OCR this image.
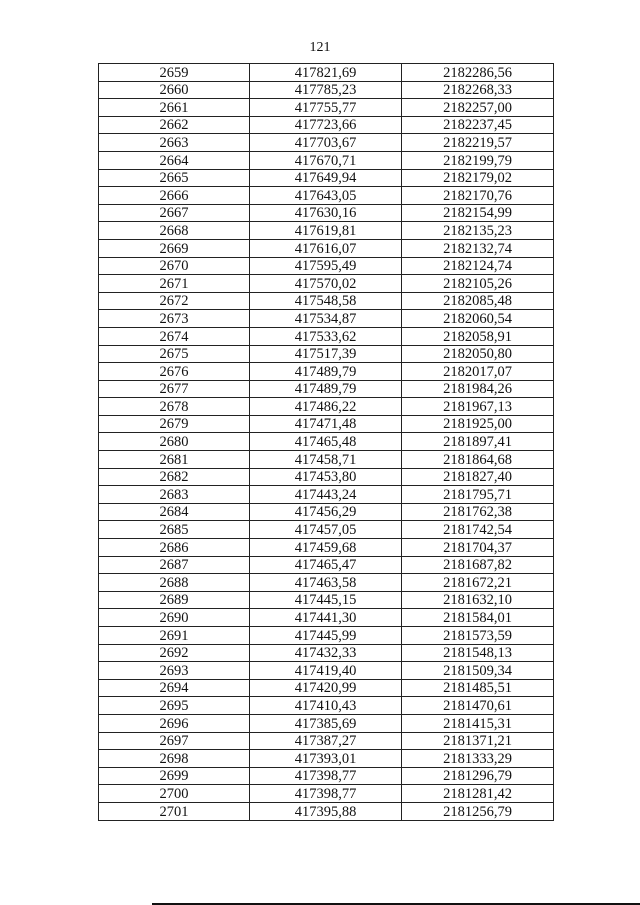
121
2659	417821,69	2182286,56
2660	417785,23	2182268,33
2661	417755,77	2182257,00
2662	417723,66	2182237,45
2663	417703,67	2182219,57
2664	417670,71	2182199,79
2665	417649,94	2182179,02
2666	417643,05	2182170,76
2667	417630,16	2182154,99
2668	417619,81	2182135,23
2669	417616,07	2182132,74
2670	417595,49	2182124,74
2671	417570,02	2182105,26
2672	417548,58	2182085,48
2673	417534,87	2182060,54
2674	417533,62	2182058,91
2675	417517,39	2182050,80
2676	417489,79	2182017,07
2677	417489,79	2181984,26
2678	417486,22	2181967,13
2679	417471,48	2181925,00
2680	417465,48	2181897,41
2681	417458,71	2181864,68
2682	417453,80	2181827,40
2683	417443,24	2181795,71
2684	417456,29	2181762,38
2685	417457,05	2181742,54
2686	417459,68	2181704,37
2687	417465,47	2181687,82
2688	417463,58	2181672,21
2689	417445,15	2181632,10
2690	417441,30	2181584,01
2691	417445,99	2181573,59
2692	417432,33	2181548,13
2693	417419,40	2181509,34
2694	417420,99	2181485,51
2695	417410,43	2181470,61
2696	417385,69	2181415,31
2697	417387,27	2181371,21
2698	417393,01	2181333,29
2699	417398,77	2181296,79
2700	417398,77	2181281,42
2701	417395,88	2181256,79
